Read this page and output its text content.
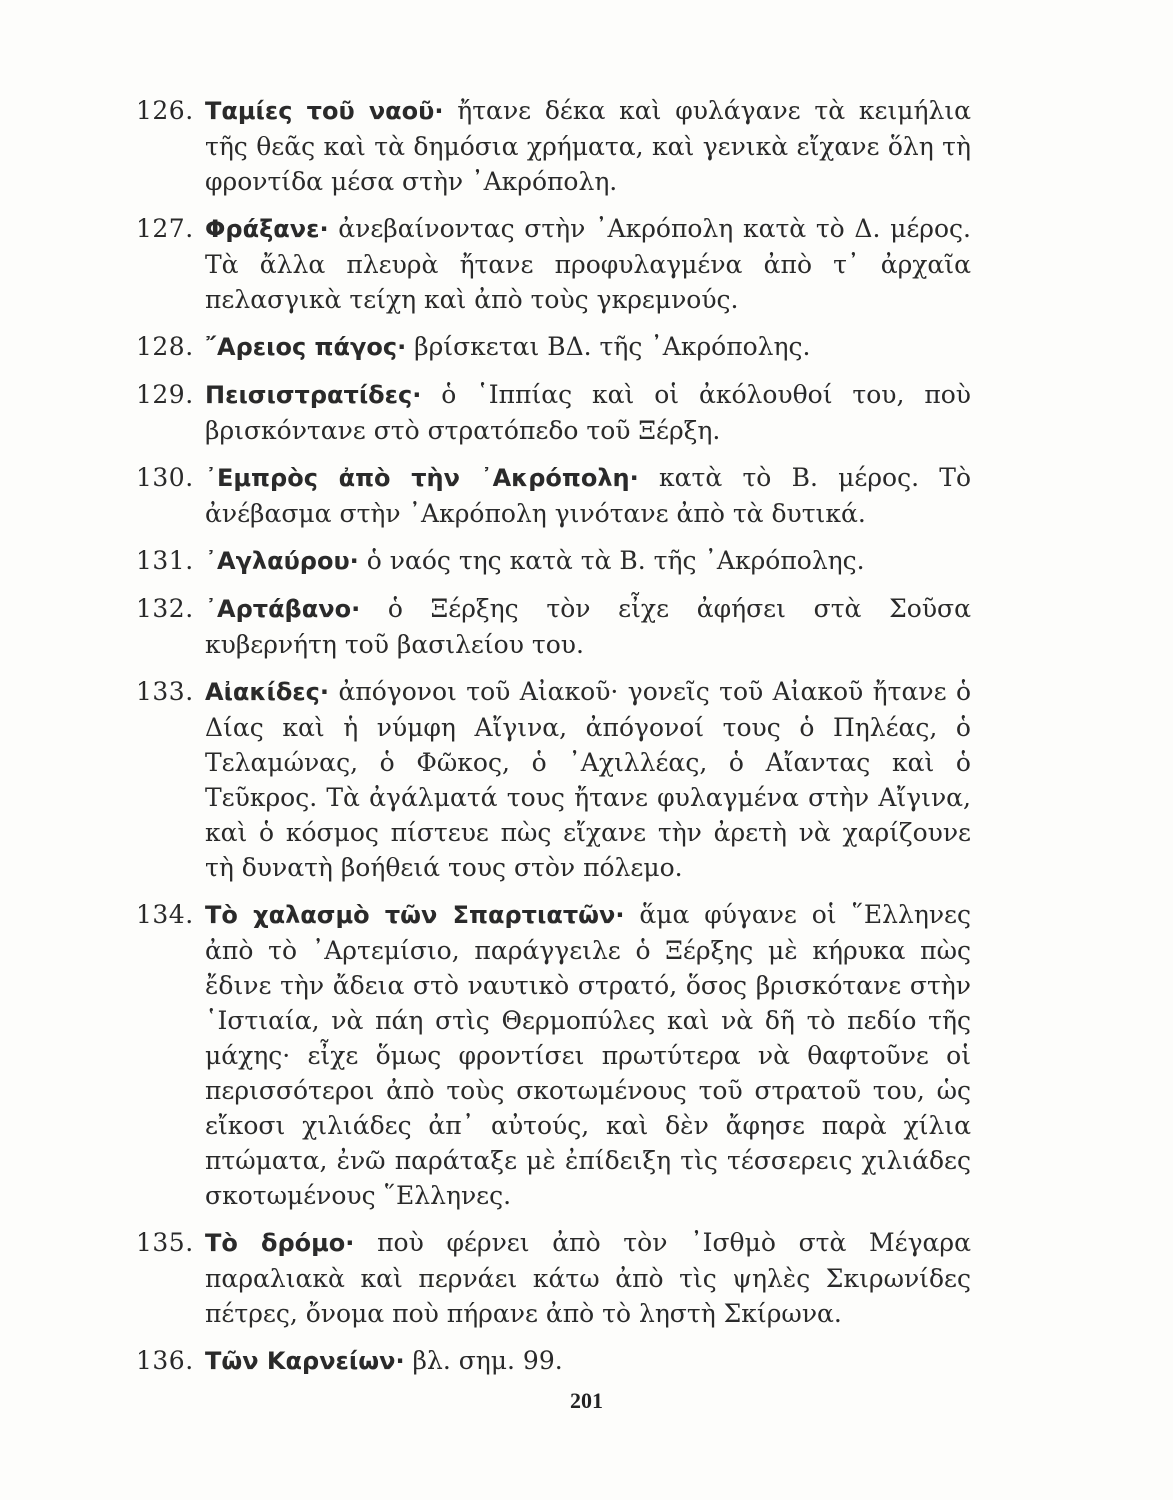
126. Ταμίες τοῦ ναοῦ· ἤτανε δέκα καὶ φυλάγανε τὰ κειμήλια τῆς θεᾶς καὶ τὰ δημόσια χρήματα, καὶ γενικὰ εἴχανε ὅλη τὴ φροντίδα μέσα στὴν ᾿Ακρόπολη.
127. Φράξανε· ἀνεβαίνοντας στὴν ᾿Ακρόπολη κατὰ τὸ Δ. μέρος. Τὰ ἄλλα πλευρὰ ἤτανε προφυλαγμένα ἀπὸ τ᾿ ἀρχαῖα πελασγικὰ τείχη καὶ ἀπὸ τοὺς γκρεμνούς.
128. ῎Αρειος πάγος· βρίσκεται ΒΔ. τῆς ᾿Ακρόπολης.
129. Πεισιστρατίδες· ὁ ῾Ιππίας καὶ οἱ ἀκόλουθοί του, ποὺ βρισκόντανε στὸ στρατόπεδο τοῦ Ξέρξη.
130. ᾿Εμπρὸς ἀπὸ τὴν ᾿Ακρόπολη· κατὰ τὸ Β. μέρος. Τὸ ἀνέβασμα στὴν ᾿Ακρόπολη γινότανε ἀπὸ τὰ δυτικά.
131. ᾿Αγλαύρου· ὁ ναός της κατὰ τὰ Β. τῆς ᾿Ακρόπολης.
132. ᾿Αρτάβανο· ὁ Ξέρξης τὸν εἶχε ἀφήσει στὰ Σοῦσα κυβερνήτη τοῦ βασιλείου του.
133. Αἰακίδες· ἀπόγονοι τοῦ Αἰακοῦ· γονεῖς τοῦ Αἰακοῦ ἤτανε ὁ Δίας καὶ ἡ νύμφη Αἴγινα, ἀπόγονοί τους ὁ Πηλέας, ὁ Τελαμώνας, ὁ Φῶκος, ὁ ᾿Αχιλλέας, ὁ Αἴαντας καὶ ὁ Τεῦκρος. Τὰ ἀγάλματά τους ἤτανε φυλαγμένα στὴν Αἴγινα, καὶ ὁ κόσμος πίστευε πὼς εἴχανε τὴν ἀρετὴ νὰ χαρίζουνε τὴ δυνατὴ βοήθειά τους στὸν πόλεμο.
134. Τὸ χαλασμὸ τῶν Σπαρτιατῶν· ἅμα φύγανε οἱ ῞Ελληνες ἀπὸ τὸ ᾿Αρτεμίσιο, παράγγειλε ὁ Ξέρξης μὲ κήρυκα πὼς ἔδινε τὴν ἄδεια στὸ ναυτικὸ στρατό, ὅσος βρισκότανε στὴν ῾Ιστιαία, νὰ πάη στὶς Θερμοπύλες καὶ νὰ δῆ τὸ πεδίο τῆς μάχης· εἶχε ὅμως φροντίσει πρωτύτερα νὰ θαφτοῦνε οἱ περισσότεροι ἀπὸ τοὺς σκοτωμένους τοῦ στρατοῦ του, ὡς εἴκοσι χιλιάδες ἀπ᾿ αὐτούς, καὶ δὲν ἄφησε παρὰ χίλια πτώματα, ἐνῶ παράταξε μὲ ἐπίδειξη τὶς τέσσερεις χιλιάδες σκοτωμένους ῞Ελληνες.
135. Τὸ δρόμο· ποὺ φέρνει ἀπὸ τὸν ᾿Ισθμὸ στὰ Μέγαρα παραλιακὰ καὶ περνάει κάτω ἀπὸ τὶς ψηλὲς Σκιρωνίδες πέτρες, ὄνομα ποὺ πήρανε ἀπὸ τὸ ληστὴ Σκίρωνα.
136. Τῶν Καρνείων· βλ. σημ. 99.
201
